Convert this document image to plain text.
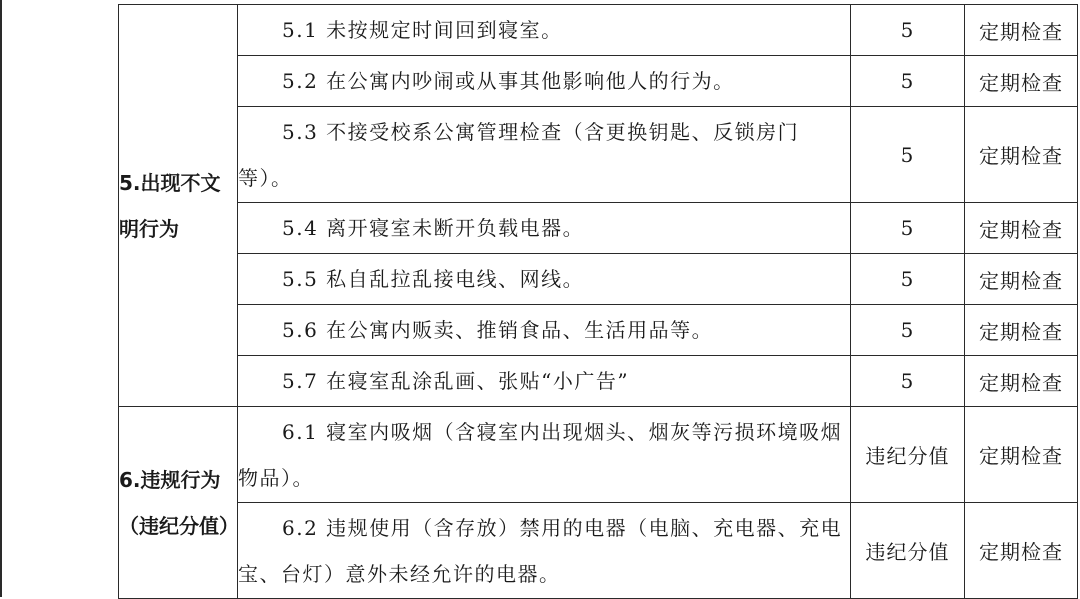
5.出现不文明行为	5.1 未按规定时间回到寝室。	5	定期检查
	5.2 在公寓内吵闹或从事其他影响他人的行为。	5	定期检查
	5.3 不接受校系公寓管理检查（含更换钥匙、反锁房门等）。	5	定期检查
	5.4 离开寝室未断开负载电器。	5	定期检查
	5.5 私自乱拉乱接电线、网线。	5	定期检查
	5.6 在公寓内贩卖、推销食品、生活用品等。	5	定期检查
	5.7 在寝室乱涂乱画、张贴“小广告”	5	定期检查
6.违规行为（违纪分值）	6.1 寝室内吸烟（含寝室内出现烟头、烟灰等污损环境吸烟物品）。	违纪分值	定期检查
	6.2 违规使用（含存放）禁用的电器（电脑、充电器、充电宝、台灯）意外未经允许的电器。	违纪分值	定期检查
